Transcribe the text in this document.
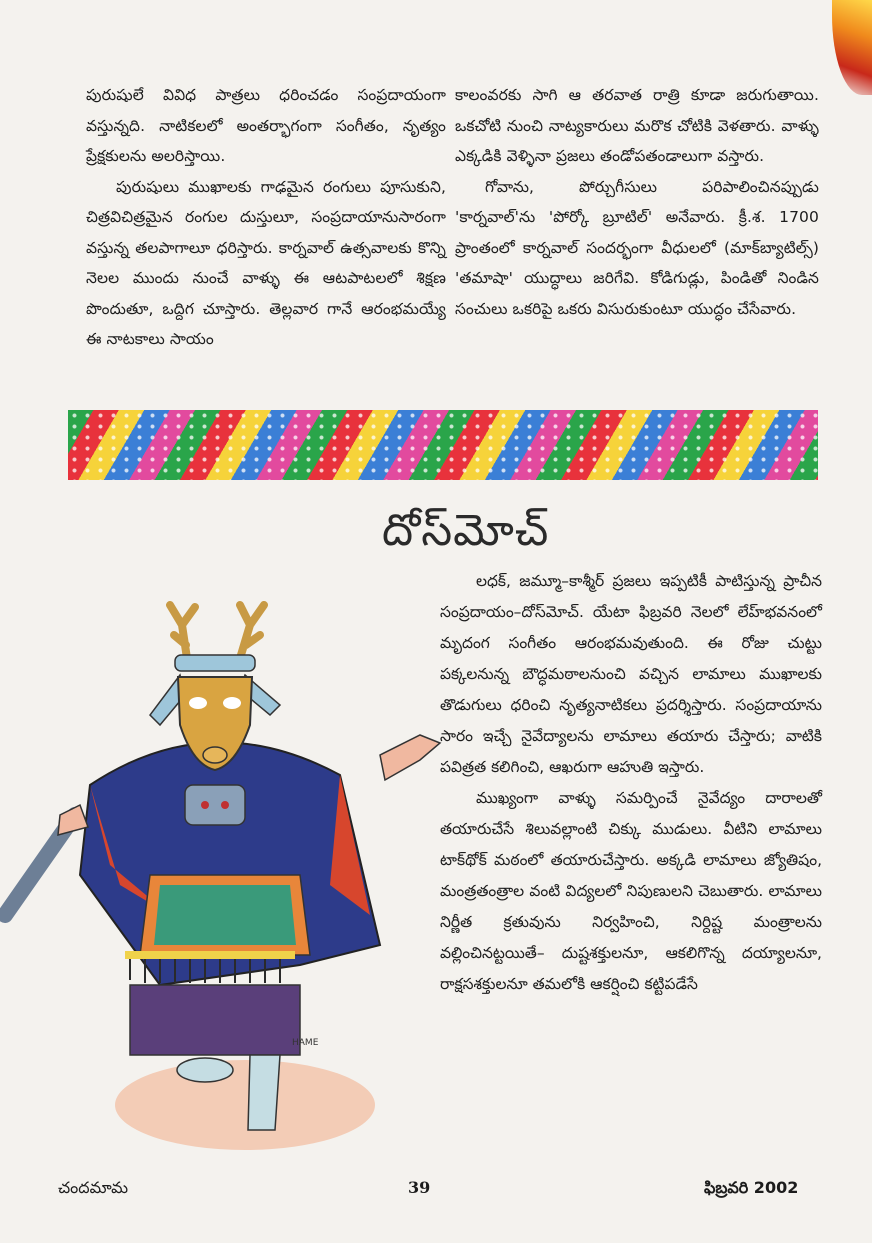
పురుషులే వివిధ పాత్రలు ధరించడం సంప్రదాయంగా వస్తున్నది. నాటికలలో అంతర్భాగంగా సంగీతం, నృత్యం ప్రేక్షకులను అలరిస్తాయి.

పురుషులు ముఖాలకు గాఢమైన రంగులు పూసుకుని, చిత్రవిచిత్రమైన రంగుల దుస్తులూ, సంప్రదాయానుసారంగా వస్తున్న తలపాగాలూ ధరిస్తారు. కార్నవాల్ ఉత్సవాలకు కొన్ని నెలల ముందు నుంచే వాళ్ళు ఈ ఆటపాటలలో శిక్షణ పొందుతూ, ఒద్దిగ చూస్తారు. తెల్లవార గానే ఆరంభమయ్యే ఈ నాటకాలు సాయం

కాలంవరకు సాగి ఆ తరవాత రాత్రి కూడా జరుగుతాయి. ఒకచోటి నుంచి నాట్యకారులు మరొక చోటికి వెళతారు. వాళ్ళు ఎక్కడికి వెళ్ళినా ప్రజలు తండోపతండాలుగా వస్తారు.

గోవాను, పోర్చుగీసులు పరిపాలించినప్పుడు 'కార్నవాల్'ను 'పోర్కో బ్రూటిల్' అనేవారు. క్రీ.శ. 1700 ప్రాంతంలో కార్నవాల్ సందర్భంగా వీధులలో (మాక్‌బ్యాటిల్స్) 'తమాషా' యుద్ధాలు జరిగేవి. కోడిగుడ్లు, పిండితో నిండిన సంచులు ఒకరిపై ఒకరు విసురుకుంటూ యుద్ధం చేసేవారు.

దోస్‌మోచ్
HAME

లధక్, జమ్మూ–కాశ్మీర్ ప్రజలు ఇప్పటికీ పాటిస్తున్న ప్రాచీన సంప్రదాయం–దోస్‌మోచ్. యేటా ఫిబ్రవరి నెలలో లేహ్‌భవనంలో మృదంగ సంగీతం ఆరంభమవుతుంది. ఈ రోజు చుట్టు పక్కలనున్న బౌద్ధమఠాలనుంచి వచ్చిన లామాలు ముఖాలకు తొడుగులు ధరించి నృత్యనాటికలు ప్రదర్శిస్తారు. సంప్రదాయాను సారం ఇచ్చే నైవేద్యాలను లామాలు తయారు చేస్తారు; వాటికి పవిత్రత కలిగించి, ఆఖరుగా ఆహుతి ఇస్తారు.

ముఖ్యంగా వాళ్ళు సమర్పించే నైవేద్యం దారాలతో తయారుచేసే శిలువల్లాంటి చిక్కు ముడులు. వీటిని లామాలు టాక్‌థోక్ మఠంలో తయారుచేస్తారు. అక్కడి లామాలు జ్యోతిషం, మంత్రతంత్రాల వంటి విద్యలలో నిపుణులని చెబుతారు. లామాలు నిర్ణీత క్రతువును నిర్వహించి, నిర్దిష్ట మంత్రాలను వల్లించినట్టయితే– దుష్టశక్తులనూ, ఆకలిగొన్న దయ్యాలనూ, రాక్షసశక్తులనూ తమలోకి ఆకర్షించి కట్టిపడేసే

చందమామ	39	ఫిబ్రవరి 2002
